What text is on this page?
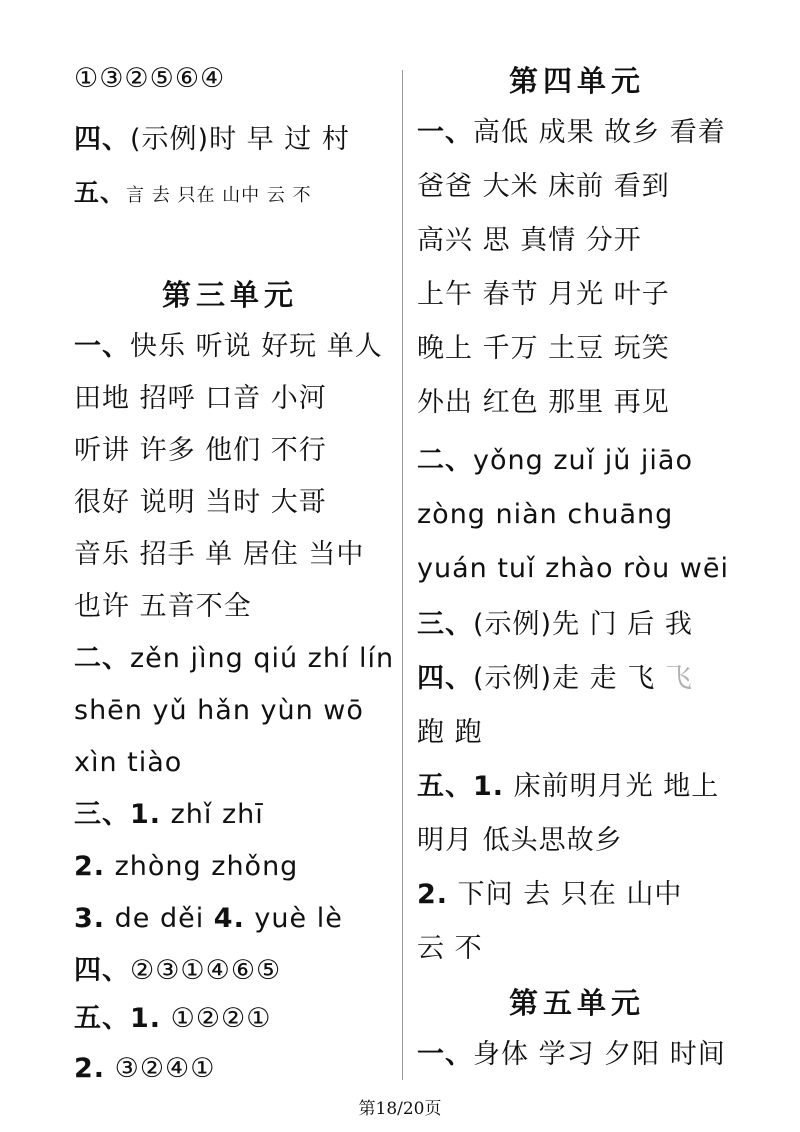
①③②⑤⑥④
四、(示例)时 早 过 村
五、言 去 只在 山中 云 不
第三单元
一、快乐 听说 好玩 单人
田地 招呼 口音 小河
听讲 许多 他们 不行
很好 说明 当时 大哥
音乐 招手 单 居住 当中
也许 五音不全
二、zěn jìng qiú zhí lín
shēn yǔ hǎn yùn wō
xìn tiào
三、1. zhǐ zhī
2. zhòng zhǒng
3. de děi 4. yuè lè
四、②③①④⑥⑤
五、1. ①②②①
2. ③②④①
第四单元
一、高低 成果 故乡 看着
爸爸 大米 床前 看到
高兴 思 真情 分开
上午 春节 月光 叶子
晚上 千万 土豆 玩笑
外出 红色 那里 再见
二、yǒng zuǐ jǔ jiāo
zòng niàn chuāng
yuán tuǐ zhào ròu wēi
三、(示例)先 门 后 我
四、(示例)走 走 飞 飞
跑 跑
五、1. 床前明月光 地上
明月 低头思故乡
2. 下问 去 只在 山中
云 不
第五单元
一、身体 学习 夕阳 时间
第18/20页
